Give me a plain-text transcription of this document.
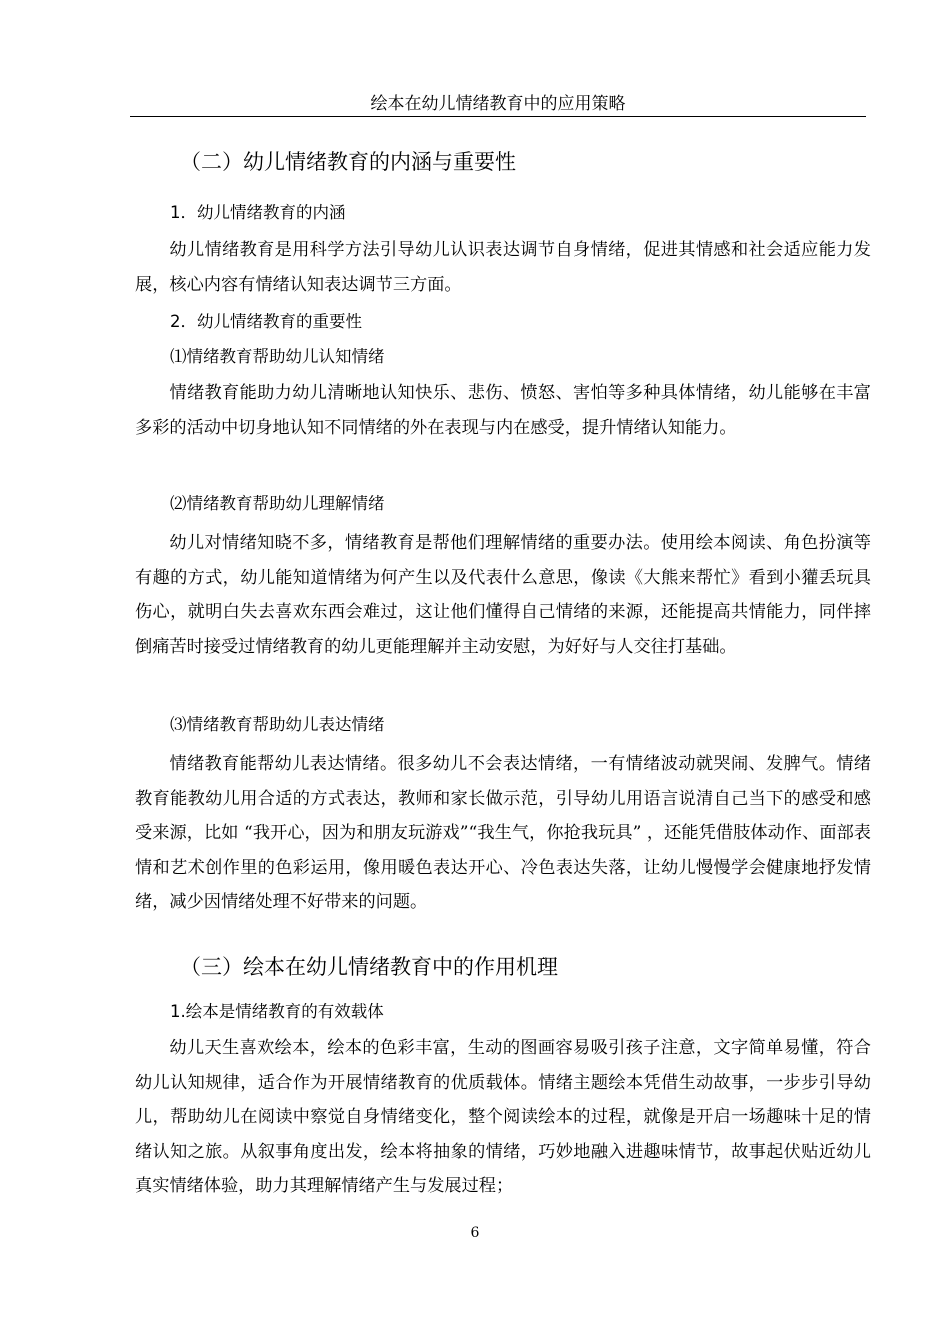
绘本在幼儿情绪教育中的应用策略
（二）幼儿情绪教育的内涵与重要性
1．幼儿情绪教育的内涵

幼儿情绪教育是用科学方法引导幼儿认识表达调节自身情绪，促进其情感和社会适应能力发展，核心内容有情绪认知表达调节三方面。

2．幼儿情绪教育的重要性
⑴情绪教育帮助幼儿认知情绪

情绪教育能助力幼儿清晰地认知快乐、悲伤、愤怒、害怕等多种具体情绪，幼儿能够在丰富多彩的活动中切身地认知不同情绪的外在表现与内在感受，提升情绪认知能力。

⑵情绪教育帮助幼儿理解情绪

幼儿对情绪知晓不多，情绪教育是帮他们理解情绪的重要办法。使用绘本阅读、角色扮演等有趣的方式，幼儿能知道情绪为何产生以及代表什么意思，像读《大熊来帮忙》看到小獾丢玩具伤心，就明白失去喜欢东西会难过，这让他们懂得自己情绪的来源，还能提高共情能力，同伴摔倒痛苦时接受过情绪教育的幼儿更能理解并主动安慰，为好好与人交往打基础。

⑶情绪教育帮助幼儿表达情绪

情绪教育能帮幼儿表达情绪。很多幼儿不会表达情绪，一有情绪波动就哭闹、发脾气。情绪教育能教幼儿用合适的方式表达，教师和家长做示范，引导幼儿用语言说清自己当下的感受和感受来源，比如 “我开心，因为和朋友玩游戏”“我生气，你抢我玩具” ，还能凭借肢体动作、面部表情和艺术创作里的色彩运用，像用暖色表达开心、冷色表达失落，让幼儿慢慢学会健康地抒发情绪，减少因情绪处理不好带来的问题。

（三）绘本在幼儿情绪教育中的作用机理
1.绘本是情绪教育的有效载体

幼儿天生喜欢绘本，绘本的色彩丰富，生动的图画容易吸引孩子注意，文字简单易懂，符合幼儿认知规律，适合作为开展情绪教育的优质载体。情绪主题绘本凭借生动故事，一步步引导幼儿，帮助幼儿在阅读中察觉自身情绪变化，整个阅读绘本的过程，就像是开启一场趣味十足的情绪认知之旅。从叙事角度出发，绘本将抽象的情绪，巧妙地融入进趣味情节，故事起伏贴近幼儿真实情绪体验，助力其理解情绪产生与发展过程；

6
